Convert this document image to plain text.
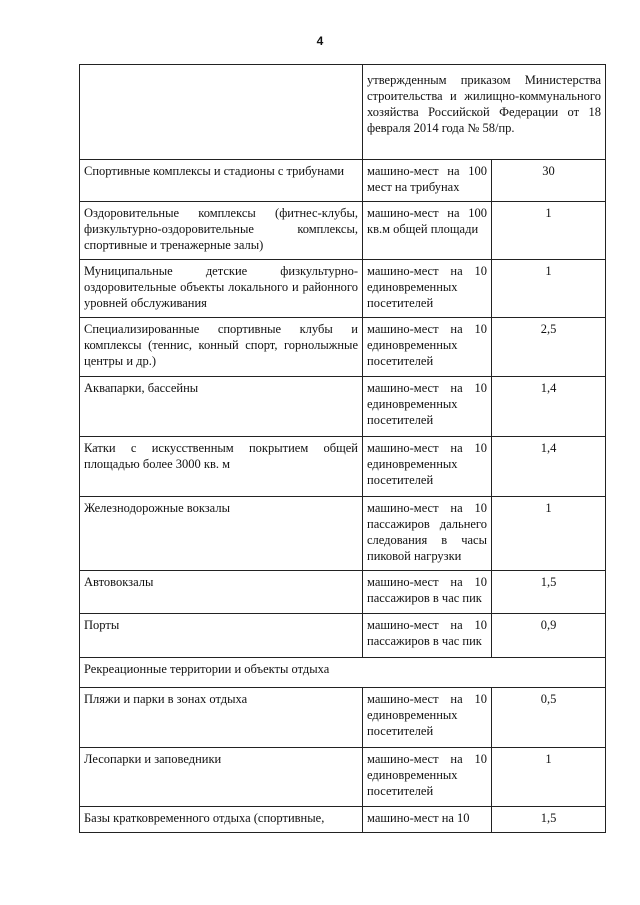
4
	утвержденным приказом Министерства строительства и жилищно-коммунального хозяйства Российской Федерации от 18 февраля 2014 года № 58/пр.	
Спортивные комплексы и стадионы с трибунами	машино-мест на 100 мест на трибунах	30
Оздоровительные комплексы (фитнес-клубы, физкультурно-оздоровительные комплексы, спортивные и тренажерные залы)	машино-мест на 100 кв.м общей площади	1
Муниципальные детские физкультурно-оздоровительные объекты локального и районного уровней обслуживания	машино-мест на 10 единовременных посетителей	1
Специализированные спортивные клубы и комплексы (теннис, конный спорт, горнолыжные центры и др.)	машино-мест на 10 единовременных посетителей	2,5
Аквапарки, бассейны	машино-мест на 10 единовременных посетителей	1,4
Катки с искусственным покрытием общей площадью более 3000 кв. м	машино-мест на 10 единовременных посетителей	1,4
Железнодорожные вокзалы	машино-мест на 10 пассажиров дальнего следования в часы пиковой нагрузки	1
Автовокзалы	машино-мест на 10 пассажиров в час пик	1,5
Порты	машино-мест на 10 пассажиров в час пик	0,9
Рекреационные территории и объекты отдыха		
Пляжи и парки в зонах отдыха	машино-мест на 10 единовременных посетителей	0,5
Лесопарки и заповедники	машино-мест на 10 единовременных посетителей	1
Базы кратковременного отдыха (спортивные,	машино-мест на 10	1,5
